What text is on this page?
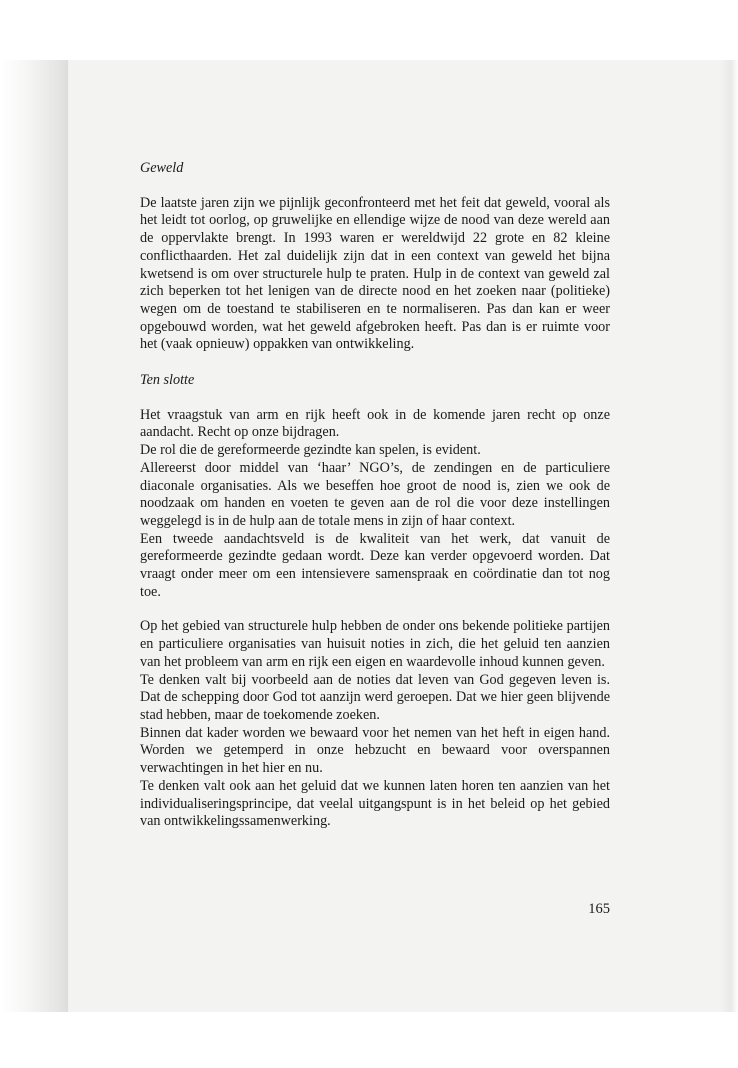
Geweld

De laatste jaren zijn we pijnlijk geconfronteerd met het feit dat geweld, vooral als het leidt tot oorlog, op gruwelijke en ellendige wijze de nood van deze wereld aan de oppervlakte brengt. In 1993 waren er wereldwijd 22 grote en 82 kleine conflicthaarden. Het zal duidelijk zijn dat in een context van geweld het bijna kwetsend is om over structurele hulp te praten. Hulp in de context van geweld zal zich beperken tot het lenigen van de directe nood en het zoeken naar (politieke) wegen om de toestand te stabiliseren en te normaliseren. Pas dan kan er weer opgebouwd worden, wat het geweld afgebroken heeft. Pas dan is er ruimte voor het (vaak opnieuw) oppakken van ontwikkeling.

Ten slotte

Het vraagstuk van arm en rijk heeft ook in de komende jaren recht op onze aandacht. Recht op onze bijdragen.

De rol die de gereformeerde gezindte kan spelen, is evident.

Allereerst door middel van ‘haar’ NGO’s, de zendingen en de particuliere diaconale organisaties. Als we beseffen hoe groot de nood is, zien we ook de noodzaak om handen en voeten te geven aan de rol die voor deze instellingen weggelegd is in de hulp aan de totale mens in zijn of haar context.

Een tweede aandachtsveld is de kwaliteit van het werk, dat vanuit de gereformeerde gezindte gedaan wordt. Deze kan verder opgevoerd worden. Dat vraagt onder meer om een intensievere samenspraak en coördinatie dan tot nog toe.

Op het gebied van structurele hulp hebben de onder ons bekende politieke partijen en particuliere organisaties van huisuit noties in zich, die het geluid ten aanzien van het probleem van arm en rijk een eigen en waardevolle inhoud kunnen geven.

Te denken valt bij voorbeeld aan de noties dat leven van God gegeven leven is. Dat de schepping door God tot aanzijn werd geroepen. Dat we hier geen blijvende stad hebben, maar de toekomende zoeken.

Binnen dat kader worden we bewaard voor het nemen van het heft in eigen hand. Worden we getemperd in onze hebzucht en bewaard voor overspannen verwachtingen in het hier en nu.

Te denken valt ook aan het geluid dat we kunnen laten horen ten aanzien van het individualiseringsprincipe, dat veelal uitgangspunt is in het beleid op het gebied van ontwikkelingssamenwerking.

165
